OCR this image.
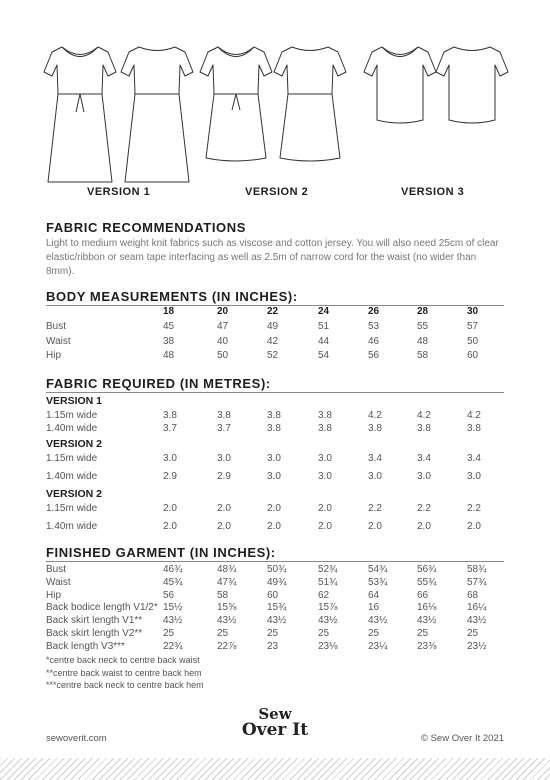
VERSION 1	VERSION 2	VERSION 3
FABRIC RECOMMENDATIONS
Light to medium weight knit fabrics such as viscose and cotton jersey. You will also need 25cm of clear elastic/ribbon or seam tape interfacing as well as 2.5m of narrow cord for the waist (no wider than 8mm).
BODY MEASUREMENTS (IN INCHES):
18	20	22	24	26	28	30
Bust	45	47	49	51	53	55	57
Waist	38	40	42	44	46	48	50
Hip	48	50	52	54	56	58	60
FABRIC REQUIRED (IN METRES):
VERSION 1
1.15m wide	3.8	3.8	3.8	3.8	4.2	4.2	4.2
1.40m wide	3.7	3.7	3.8	3.8	3.8	3.8	3.8
VERSION 2
1.15m wide	3.0	3.0	3.0	3.0	3.4	3.4	3.4
1.40m wide	2.9	2.9	3.0	3.0	3.0	3.0	3.0
VERSION 2
1.15m wide	2.0	2.0	2.0	2.0	2.2	2.2	2.2
1.40m wide	2.0	2.0	2.0	2.0	2.0	2.0	2.0
FINISHED GARMENT (IN INCHES):
Bust	46¾	48¾	50¾	52¾	54¾	56¾	58¾
Waist	45¾	47¾	49¾	51¾	53¾	55¾	57¾
Hip	56	58	60	62	64	66	68
Back bodice length V1/2* 15½	15⅝	15¾	15⅞	16	16⅛	16¼
Back skirt length V1** 43½	43½	43½	43½	43½	43½	43½
Back skirt length V2** 25	25	25	25	25	25	25
Back length V3***	22¾	22⅞	23	23⅛	23¼	23⅜	23½
*centre back neck to centre back waist
**centre back waist to centre back hem
***centre back neck to centre back hem
sewoverit.com
Sew
Over It	© Sew Over It 2021
